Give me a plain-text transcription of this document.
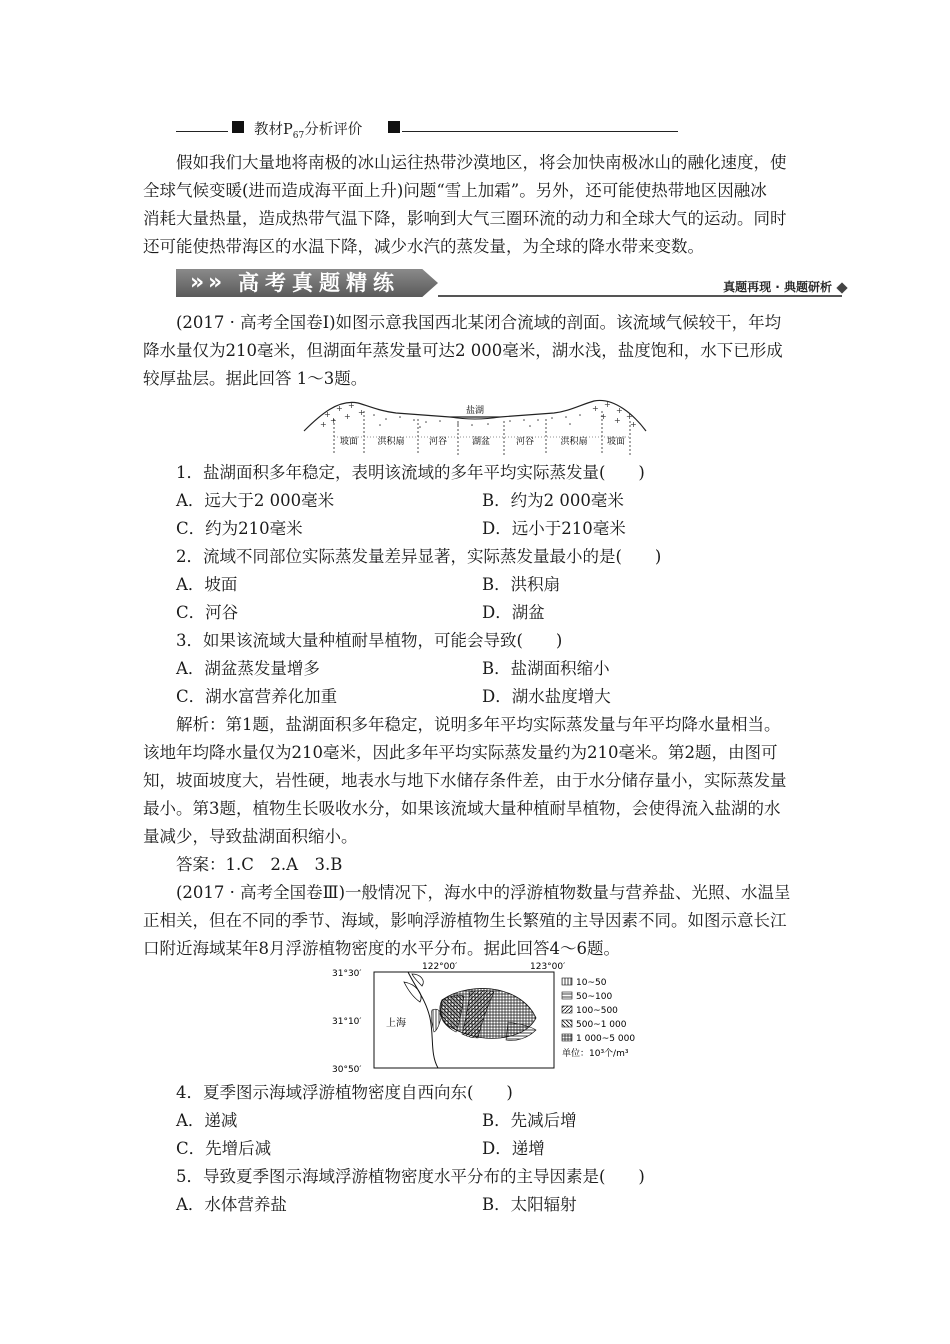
教材$P_{67}$分析评价
假如我们大量地将南极的冰山运往热带沙漠地区，将会加快南极冰山的融化速度，使
全球气候变暖(进而造成海平面上升)问题“雪上加霜”。另外，还可能使热带地区因融冰
消耗大量热量，造成热带气温下降，影响到大气三圈环流的动力和全球大气的运动。同时
还可能使热带海区的水温下降，减少水汽的蒸发量，为全球的降水带来变数。
» » 高考真题精练	真题再现 · 典题研析
(2017 · 高考全国卷Ⅰ)如图示意我国西北某闭合流域的剖面。该流域气候较干，年均
降水量仅为210毫米，但湖面年蒸发量可达2 000毫米，湖水浅，盐度饱和，水下已形成
较厚盐层。据此回答 1～3题。
盐湖
+
+ +
+ + +
+
+ +
+
+ + +
+
坡面 洪积扇	河谷	湖盆	河谷	洪积扇 坡面
1．盐湖面积多年稳定，表明该流域的多年平均实际蒸发量(　　)
A．远大于2 000毫米	B．约为2 000毫米
C．约为210毫米	D．远小于210毫米
2．流域不同部位实际蒸发量差异显著，实际蒸发量最小的是(　　)
A．坡面	B．洪积扇
C．河谷	D．湖盆
3．如果该流域大量种植耐旱植物，可能会导致(　　)
A．湖盆蒸发量增多	B．盐湖面积缩小
C．湖水富营养化加重	D．湖水盐度增大
解析：第1题，盐湖面积多年稳定，说明多年平均实际蒸发量与年平均降水量相当。
该地年均降水量仅为210毫米，因此多年平均实际蒸发量约为210毫米。第2题，由图可
知，坡面坡度大，岩性硬，地表水与地下水储存条件差，由于水分储存量小，实际蒸发量
最小。第3题，植物生长吸收水分，如果该流域大量种植耐旱植物，会使得流入盐湖的水
量减少，导致盐湖面积缩小。
答案：1.C　2.A　3.B
(2017 · 高考全国卷Ⅲ)一般情况下，海水中的浮游植物数量与营养盐、光照、水温呈
正相关，但在不同的季节、海域，影响浮游植物生长繁殖的主导因素不同。如图示意长江
口附近海域某年8月浮游植物密度的水平分布。据此回答4～6题。
31°30′
31°10′
30°50′
122°00′	123°00′
上海
10~50
50~100
100~500
500~1 000
1 000~5 000
单位：10³个/m³
4．夏季图示海域浮游植物密度自西向东(　　)
A．递减	B．先减后增
C．先增后减	D．递增
5．导致夏季图示海域浮游植物密度水平分布的主导因素是(　　)
A．水体营养盐	B．太阳辐射
